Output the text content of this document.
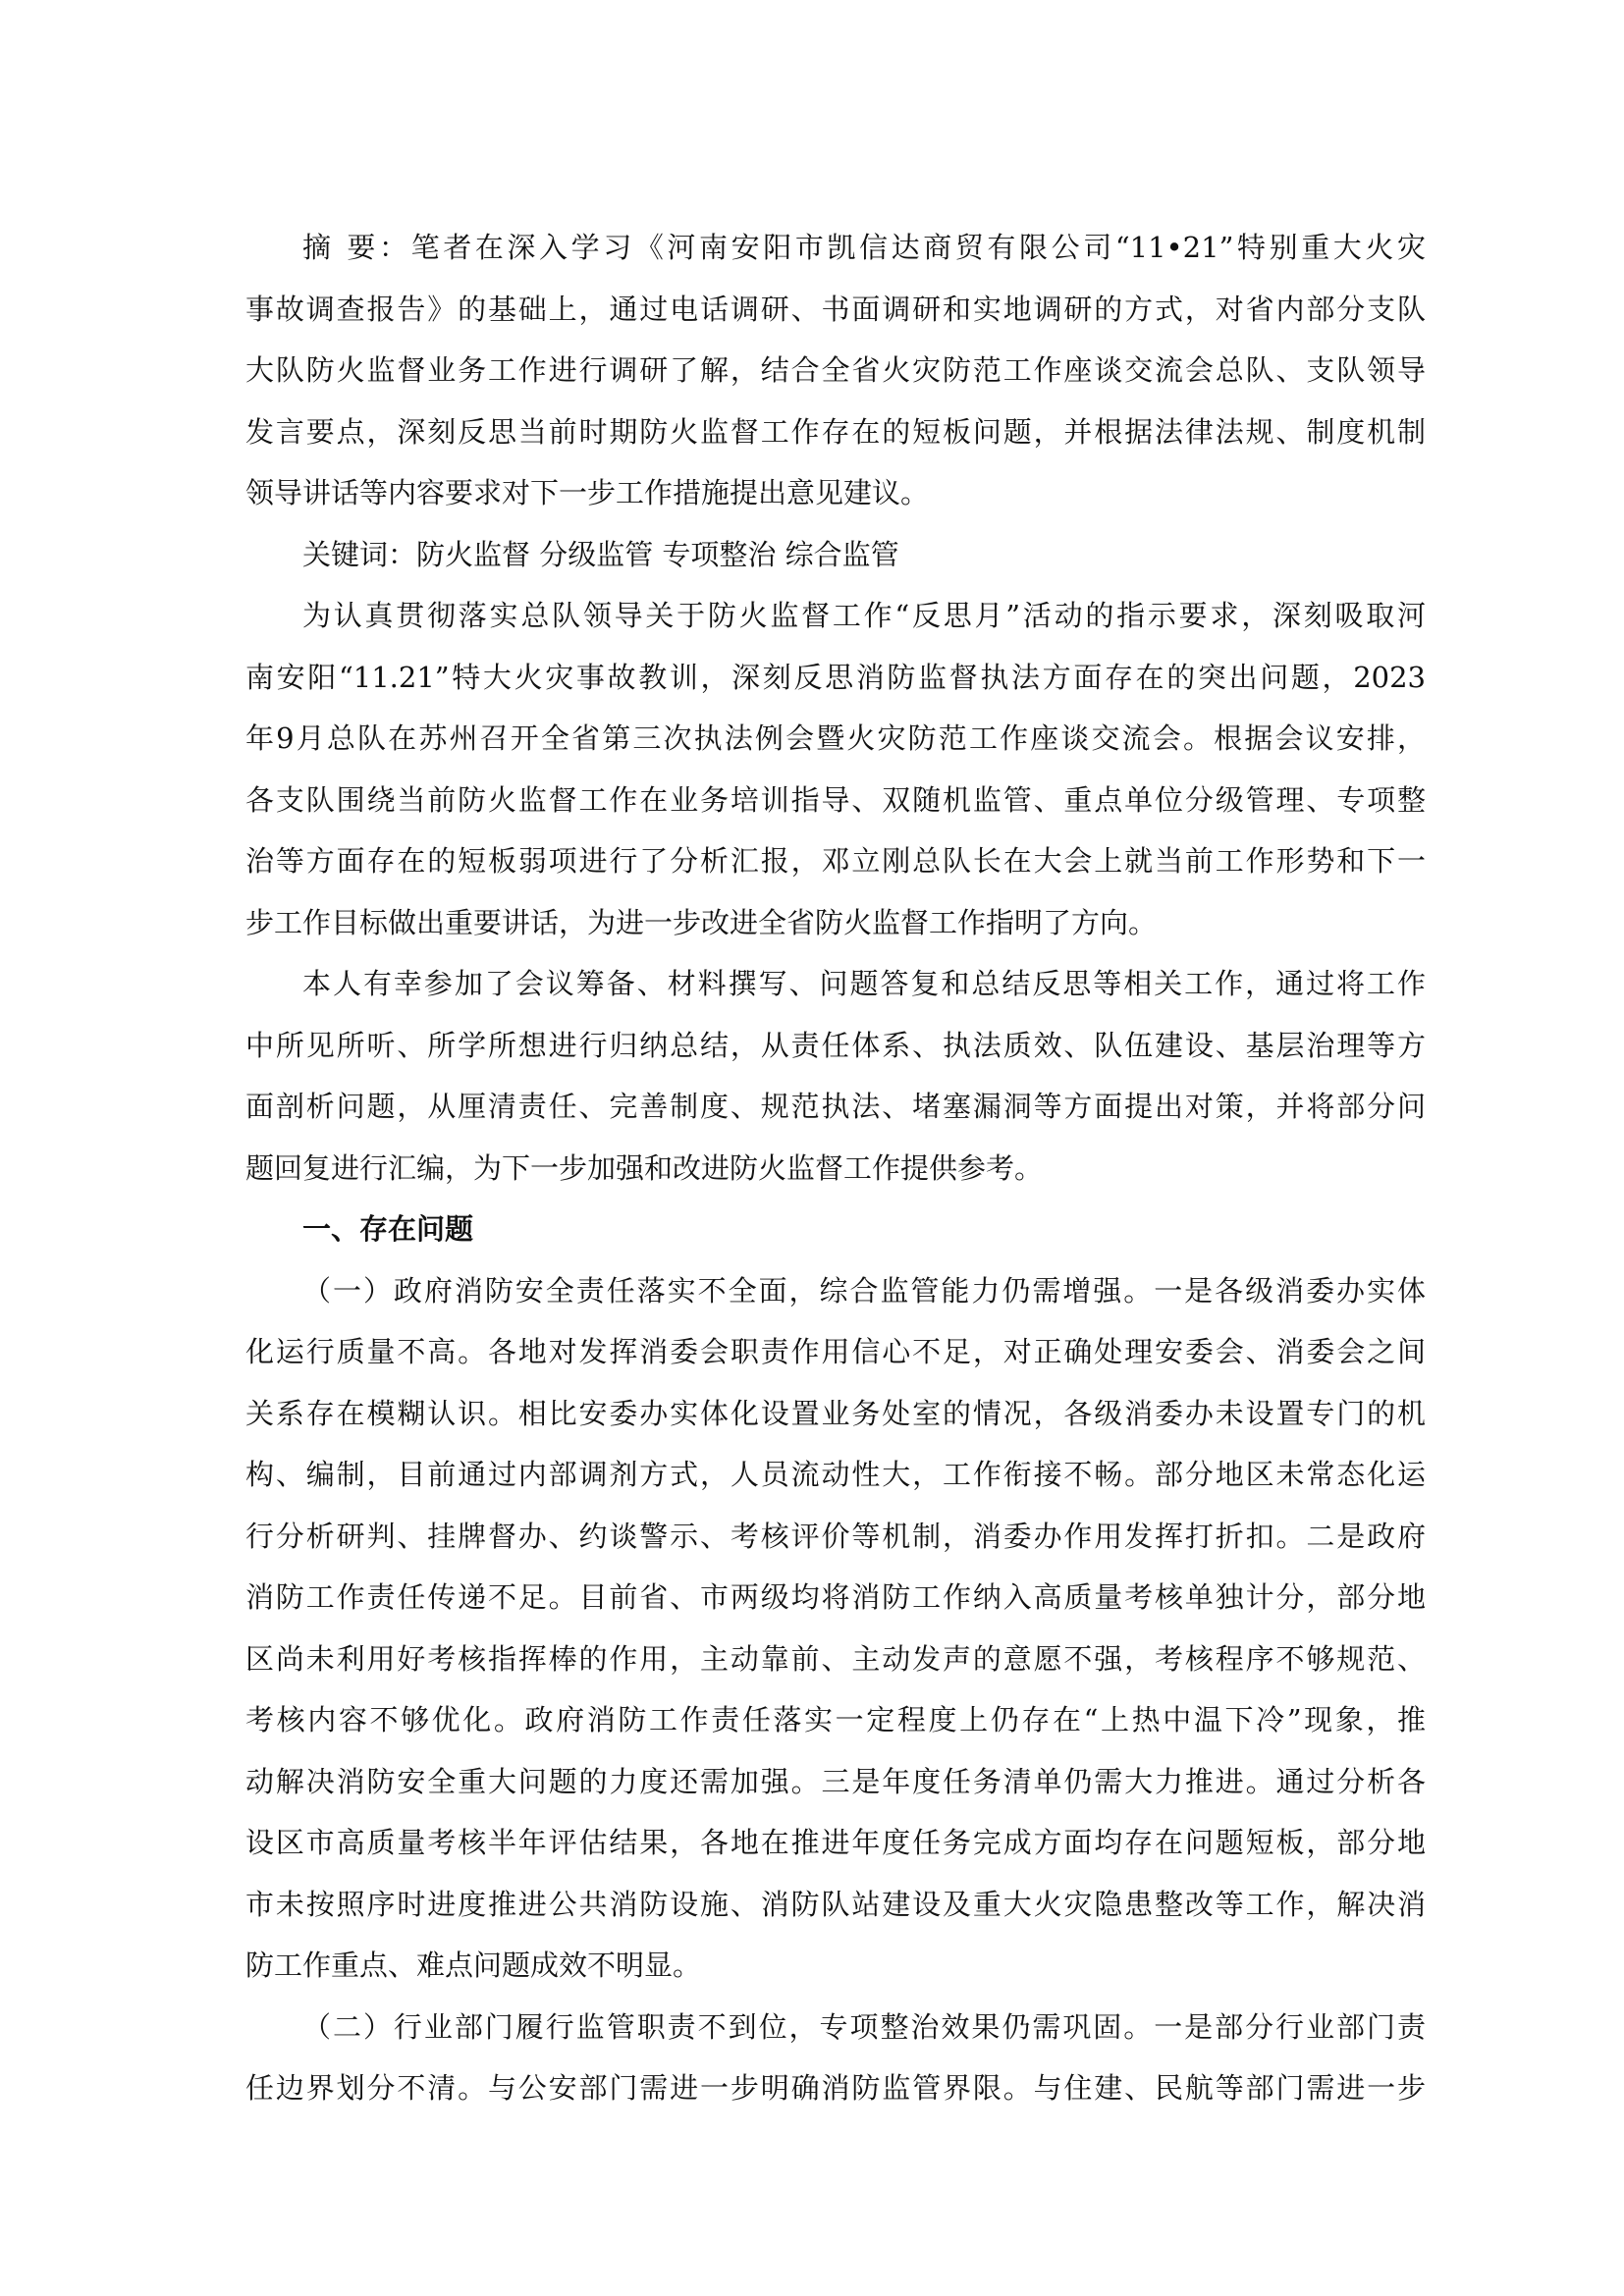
摘 要：笔者在深入学习《河南安阳市凯信达商贸有限公司“11•21”特别重大火灾
事故调查报告》的基础上，通过电话调研、书面调研和实地调研的方式，对省内部分支队
大队防火监督业务工作进行调研了解，结合全省火灾防范工作座谈交流会总队、支队领导
发言要点，深刻反思当前时期防火监督工作存在的短板问题，并根据法律法规、制度机制
领导讲话等内容要求对下一步工作措施提出意见建议。
关键词：防火监督 分级监管 专项整治 综合监管
为认真贯彻落实总队领导关于防火监督工作“反思月”活动的指示要求，深刻吸取河
南安阳“11.21”特大火灾事故教训，深刻反思消防监督执法方面存在的突出问题，2023
年9月总队在苏州召开全省第三次执法例会暨火灾防范工作座谈交流会。根据会议安排，
各支队围绕当前防火监督工作在业务培训指导、双随机监管、重点单位分级管理、专项整
治等方面存在的短板弱项进行了分析汇报，邓立刚总队长在大会上就当前工作形势和下一
步工作目标做出重要讲话，为进一步改进全省防火监督工作指明了方向。
本人有幸参加了会议筹备、材料撰写、问题答复和总结反思等相关工作，通过将工作
中所见所听、所学所想进行归纳总结，从责任体系、执法质效、队伍建设、基层治理等方
面剖析问题，从厘清责任、完善制度、规范执法、堵塞漏洞等方面提出对策，并将部分问
题回复进行汇编，为下一步加强和改进防火监督工作提供参考。
一、存在问题
（一）政府消防安全责任落实不全面，综合监管能力仍需增强。一是各级消委办实体
化运行质量不高。各地对发挥消委会职责作用信心不足，对正确处理安委会、消委会之间
关系存在模糊认识。相比安委办实体化设置业务处室的情况，各级消委办未设置专门的机
构、编制，目前通过内部调剂方式，人员流动性大，工作衔接不畅。部分地区未常态化运
行分析研判、挂牌督办、约谈警示、考核评价等机制，消委办作用发挥打折扣。二是政府
消防工作责任传递不足。目前省、市两级均将消防工作纳入高质量考核单独计分，部分地
区尚未利用好考核指挥棒的作用，主动靠前、主动发声的意愿不强，考核程序不够规范、
考核内容不够优化。政府消防工作责任落实一定程度上仍存在“上热中温下冷”现象，推
动解决消防安全重大问题的力度还需加强。三是年度任务清单仍需大力推进。通过分析各
设区市高质量考核半年评估结果，各地在推进年度任务完成方面均存在问题短板，部分地
市未按照序时进度推进公共消防设施、消防队站建设及重大火灾隐患整改等工作，解决消
防工作重点、难点问题成效不明显。
（二）行业部门履行监管职责不到位，专项整治效果仍需巩固。一是部分行业部门责
任边界划分不清。与公安部门需进一步明确消防监管界限。与住建、民航等部门需进一步
